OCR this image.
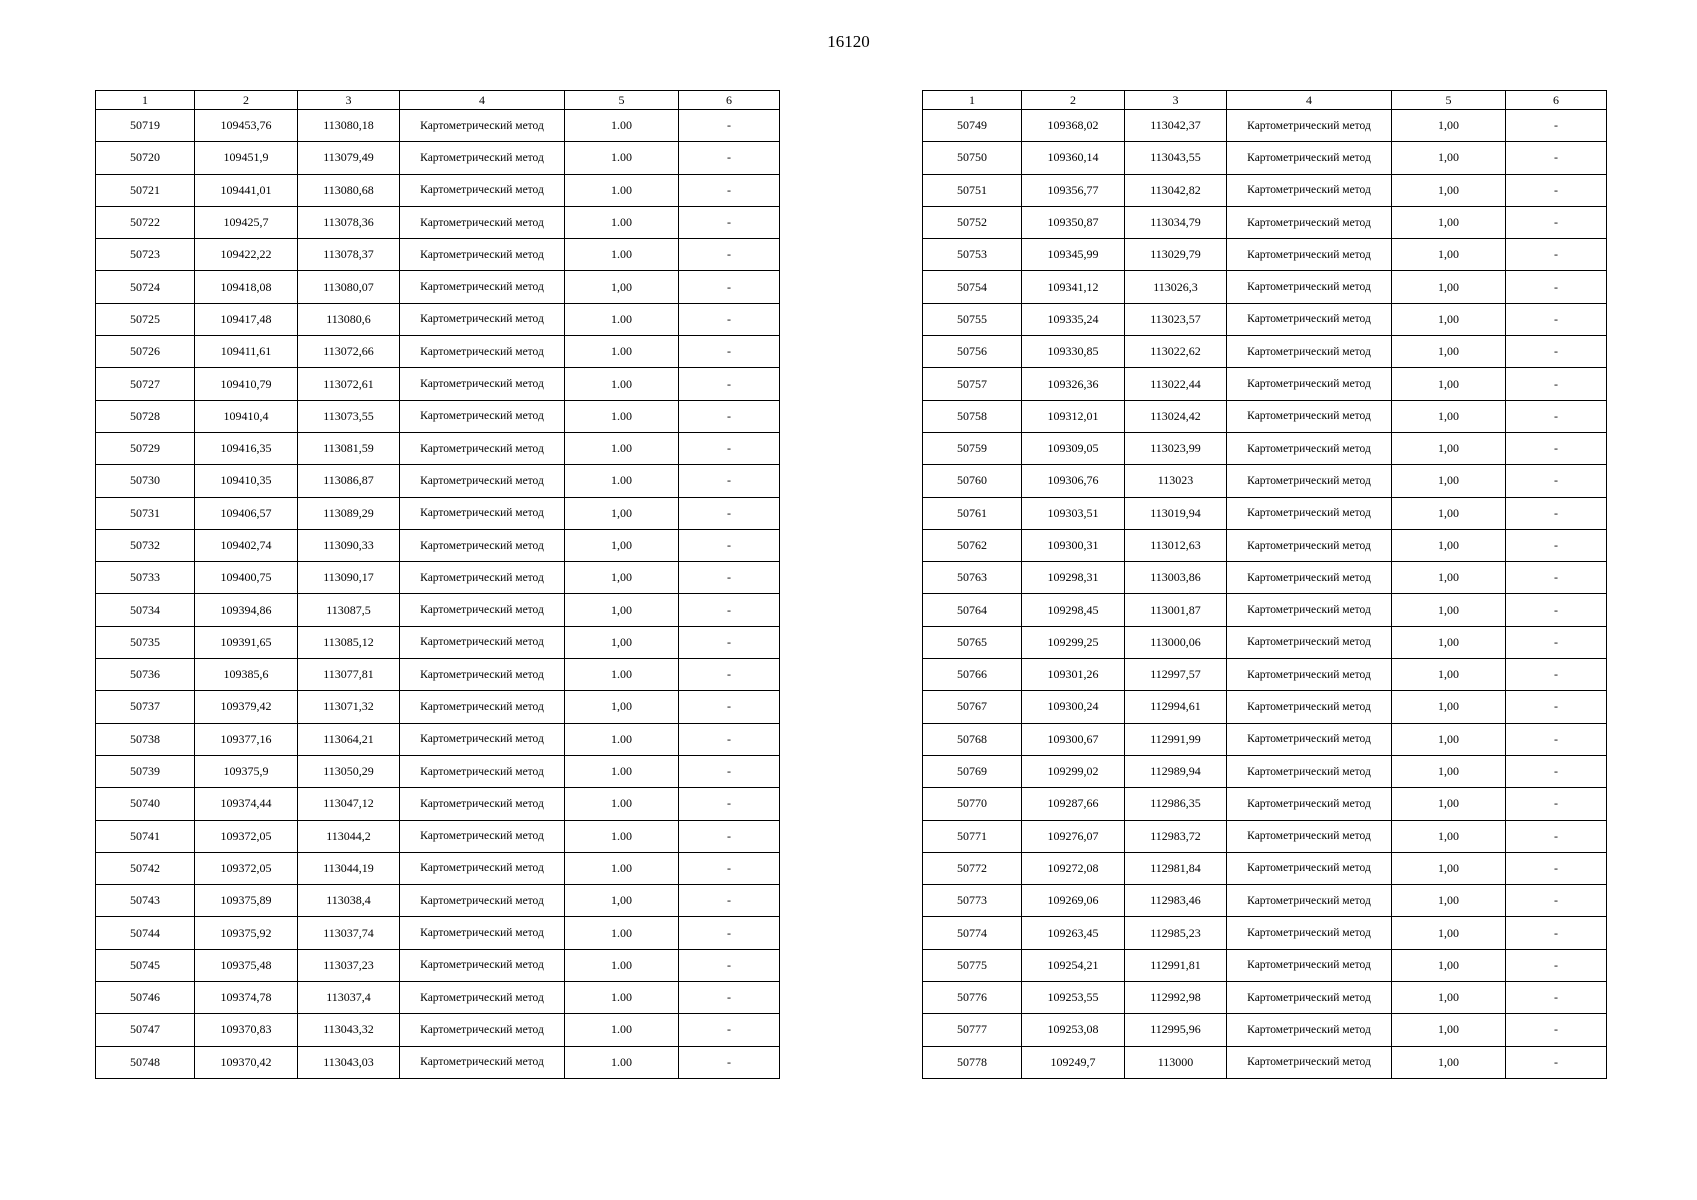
16120
1	2	3	4	5	6
50719	109453,76	113080,18	Картометрический метод	1.00	-
50720	109451,9	113079,49	Картометрический метод	1.00	-
50721	109441,01	113080,68	Картометрический метод	1.00	-
50722	109425,7	113078,36	Картометрический метод	1.00	-
50723	109422,22	113078,37	Картометрический метод	1.00	-
50724	109418,08	113080,07	Картометрический метод	1,00	-
50725	109417,48	113080,6	Картометрический метод	1.00	-
50726	109411,61	113072,66	Картометрический метод	1.00	-
50727	109410,79	113072,61	Картометрический метод	1.00	-
50728	109410,4	113073,55	Картометрический метод	1.00	-
50729	109416,35	113081,59	Картометрический метод	1.00	-
50730	109410,35	113086,87	Картометрический метод	1.00	-
50731	109406,57	113089,29	Картометрический метод	1,00	-
50732	109402,74	113090,33	Картометрический метод	1,00	-
50733	109400,75	113090,17	Картометрический метод	1,00	-
50734	109394,86	113087,5	Картометрический метод	1,00	-
50735	109391,65	113085,12	Картометрический метод	1,00	-
50736	109385,6	113077,81	Картометрический метод	1.00	-
50737	109379,42	113071,32	Картометрический метод	1,00	-
50738	109377,16	113064,21	Картометрический метод	1.00	-
50739	109375,9	113050,29	Картометрический метод	1.00	-
50740	109374,44	113047,12	Картометрический метод	1.00	-
50741	109372,05	113044,2	Картометрический метод	1.00	-
50742	109372,05	113044,19	Картометрический метод	1.00	-
50743	109375,89	113038,4	Картометрический метод	1,00	-
50744	109375,92	113037,74	Картометрический метод	1.00	-
50745	109375,48	113037,23	Картометрический метод	1.00	-
50746	109374,78	113037,4	Картометрический метод	1.00	-
50747	109370,83	113043,32	Картометрический метод	1.00	-
50748	109370,42	113043,03	Картометрический метод	1.00	-
1	2	3	4	5	6
50749	109368,02	113042,37	Картометрический метод	1,00	-
50750	109360,14	113043,55	Картометрический метод	1,00	-
50751	109356,77	113042,82	Картометрический метод	1,00	-
50752	109350,87	113034,79	Картометрический метод	1,00	-
50753	109345,99	113029,79	Картометрический метод	1,00	-
50754	109341,12	113026,3	Картометрический метод	1,00	-
50755	109335,24	113023,57	Картометрический метод	1,00	-
50756	109330,85	113022,62	Картометрический метод	1,00	-
50757	109326,36	113022,44	Картометрический метод	1,00	-
50758	109312,01	113024,42	Картометрический метод	1,00	-
50759	109309,05	113023,99	Картометрический метод	1,00	-
50760	109306,76	113023	Картометрический метод	1,00	-
50761	109303,51	113019,94	Картометрический метод	1,00	-
50762	109300,31	113012,63	Картометрический метод	1,00	-
50763	109298,31	113003,86	Картометрический метод	1,00	-
50764	109298,45	113001,87	Картометрический метод	1,00	-
50765	109299,25	113000,06	Картометрический метод	1,00	-
50766	109301,26	112997,57	Картометрический метод	1,00	-
50767	109300,24	112994,61	Картометрический метод	1,00	-
50768	109300,67	112991,99	Картометрический метод	1,00	-
50769	109299,02	112989,94	Картометрический метод	1,00	-
50770	109287,66	112986,35	Картометрический метод	1,00	-
50771	109276,07	112983,72	Картометрический метод	1,00	-
50772	109272,08	112981,84	Картометрический метод	1,00	-
50773	109269,06	112983,46	Картометрический метод	1,00	-
50774	109263,45	112985,23	Картометрический метод	1,00	-
50775	109254,21	112991,81	Картометрический метод	1,00	-
50776	109253,55	112992,98	Картометрический метод	1,00	-
50777	109253,08	112995,96	Картометрический метод	1,00	-
50778	109249,7	113000	Картометрический метод	1,00	-
